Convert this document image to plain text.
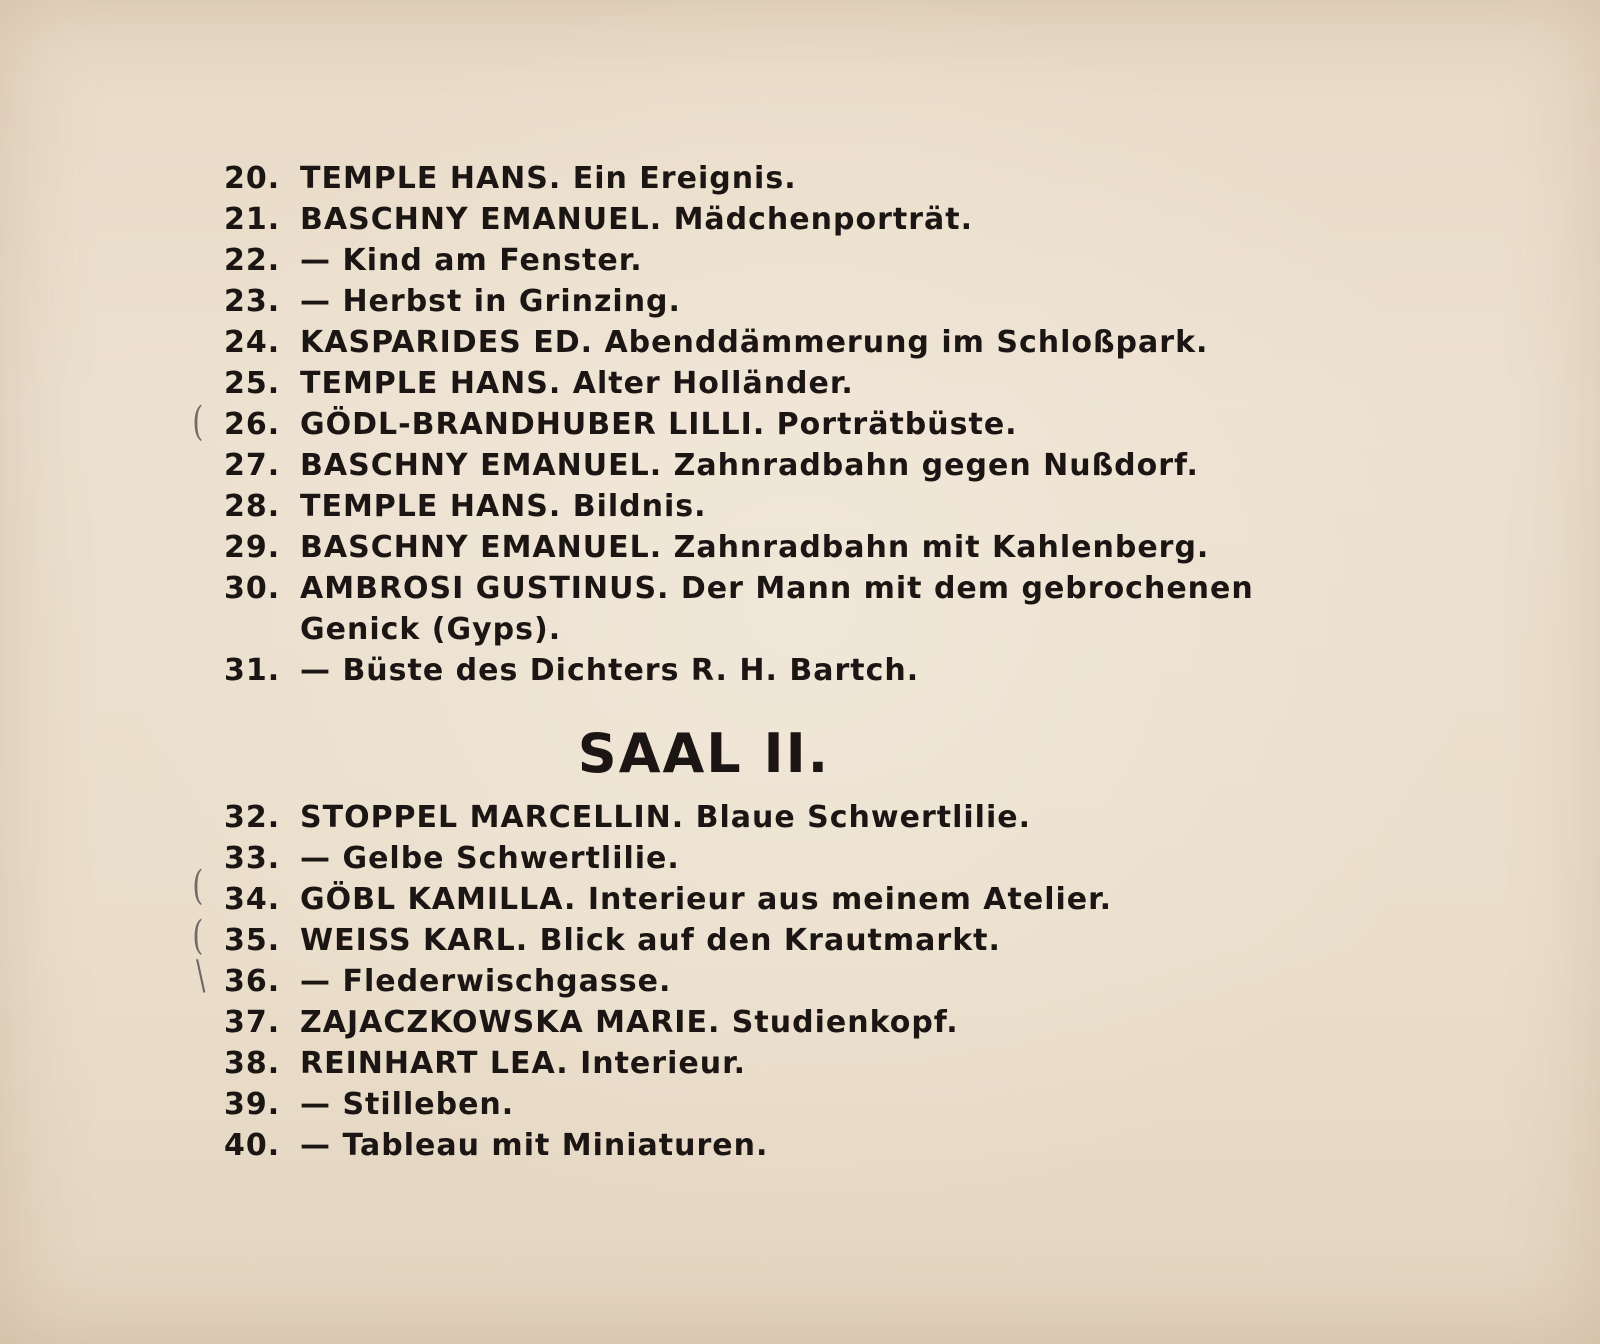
(
(
(
\
20. TEMPLE HANS. Ein Ereignis.
21. BASCHNY EMANUEL. Mädchenporträt.
22. — Kind am Fenster.
23. — Herbst in Grinzing.
24. KASPARIDES ED. Abenddämmerung im Schloßpark.
25. TEMPLE HANS. Alter Holländer.
26. GÖDL-BRANDHUBER LILLI. Porträtbüste.
27. BASCHNY EMANUEL. Zahnradbahn gegen Nußdorf.
28. TEMPLE HANS. Bildnis.
29. BASCHNY EMANUEL. Zahnradbahn mit Kahlenberg.
30. AMBROSI GUSTINUS. Der Mann mit dem gebrochenen Genick (Gyps).
31. — Büste des Dichters R. H. Bartch.
SAAL II.
32. STOPPEL MARCELLIN. Blaue Schwertlilie.
33. — Gelbe Schwertlilie.
34. GÖBL KAMILLA. Interieur aus meinem Atelier.
35. WEISS KARL. Blick auf den Krautmarkt.
36. — Flederwischgasse.
37. ZAJACZKOWSKA MARIE. Studienkopf.
38. REINHART LEA. Interieur.
39. — Stilleben.
40. — Tableau mit Miniaturen.
